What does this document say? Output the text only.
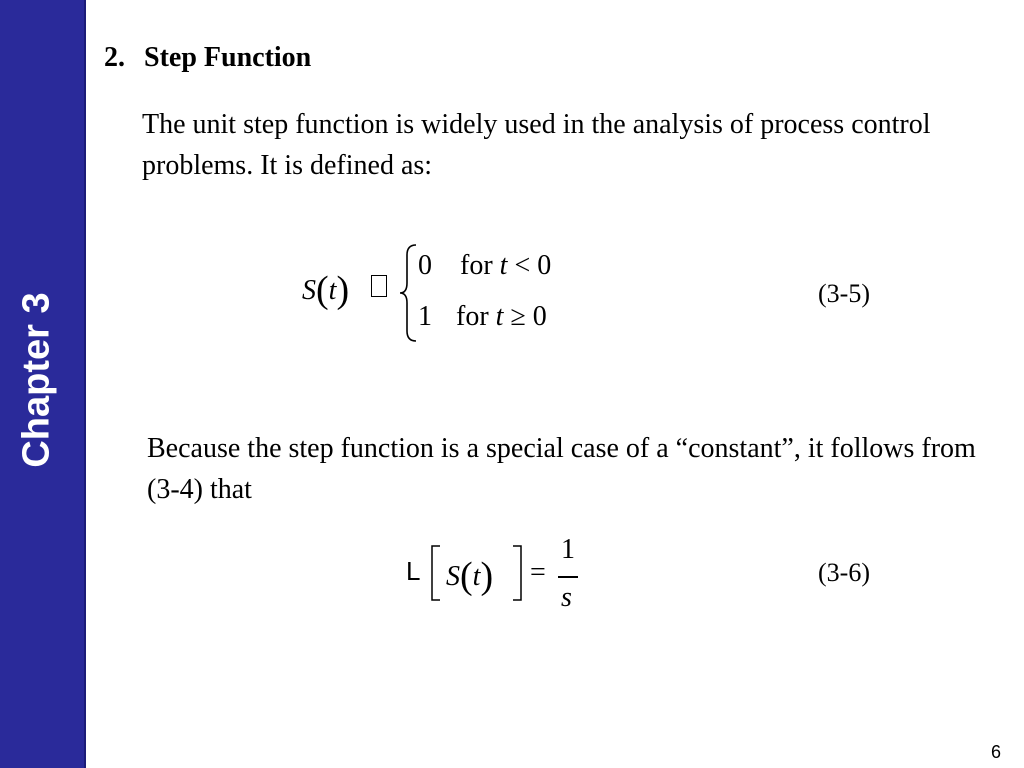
Chapter 3
2. Step Function
The unit step function is widely used in the analysis of process control problems. It is defined as:
S(t)
0 for t < 0
1 for t ≥ 0
(3-5)
Because the step function is a special case of a “constant”, it follows from (3-4) that
L S(t) =
1
s
(3-6)
6
